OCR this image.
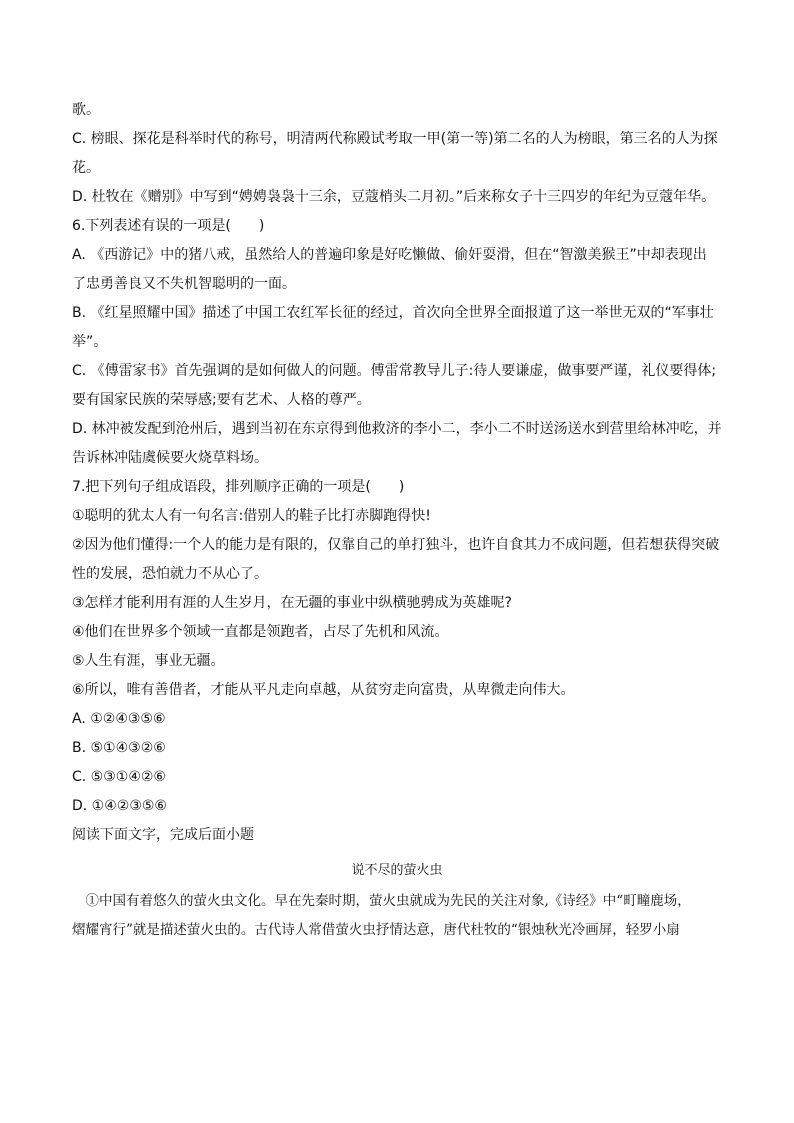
歌。
C. 榜眼、探花是科举时代的称号，明清两代称殿试考取一甲(第一等)第二名的人为榜眼，第三名的人为探
花。
D. 杜牧在《赠别》中写到“娉娉袅袅十三余，豆蔻梢头二月初。”后来称女子十三四岁的年纪为豆蔻年华。
6.下列表述有误的一项是(　　)
A. 《西游记》中的猪八戒，虽然给人的普遍印象是好吃懒做、偷奸耍滑，但在“智激美猴王”中却表现出
了忠勇善良又不失机智聪明的一面。
B. 《红星照耀中国》描述了中国工农红军长征的经过，首次向全世界全面报道了这一举世无双的“军事壮
举”。
C. 《傅雷家书》首先强调的是如何做人的问题。傅雷常教导儿子:待人要谦虚，做事要严谨，礼仪要得体;
要有国家民族的荣辱感;要有艺术、人格的尊严。
D. 林冲被发配到沧州后，遇到当初在东京得到他救济的李小二，李小二不时送汤送水到营里给林冲吃，并
告诉林冲陆虞候要火烧草料场。
7.把下列句子组成语段，排列顺序正确的一项是(　　)
①聪明的犹太人有一句名言:借别人的鞋子比打赤脚跑得快!
②因为他们懂得:一个人的能力是有限的，仅靠自己的单打独斗，也许自食其力不成问题，但若想获得突破
性的发展，恐怕就力不从心了。
③怎样才能利用有涯的人生岁月，在无疆的事业中纵横驰骋成为英雄呢?
④他们在世界多个领域一直都是领跑者，占尽了先机和风流。
⑤人生有涯，事业无疆。
⑥所以，唯有善借者，才能从平凡走向卓越，从贫穷走向富贵，从卑微走向伟大。
A. ①②④③⑤⑥
B. ⑤①④③②⑥
C. ⑤③①④②⑥
D. ①④②③⑤⑥
阅读下面文字，完成后面小题
说不尽的萤火虫
　①中国有着悠久的萤火虫文化。早在先秦时期，萤火虫就成为先民的关注对象,《诗经》中“町疃鹿场，
熠耀宵行”就是描述萤火虫的。古代诗人常借萤火虫抒情达意，唐代杜牧的“银烛秋光冷画屏，轻罗小扇
